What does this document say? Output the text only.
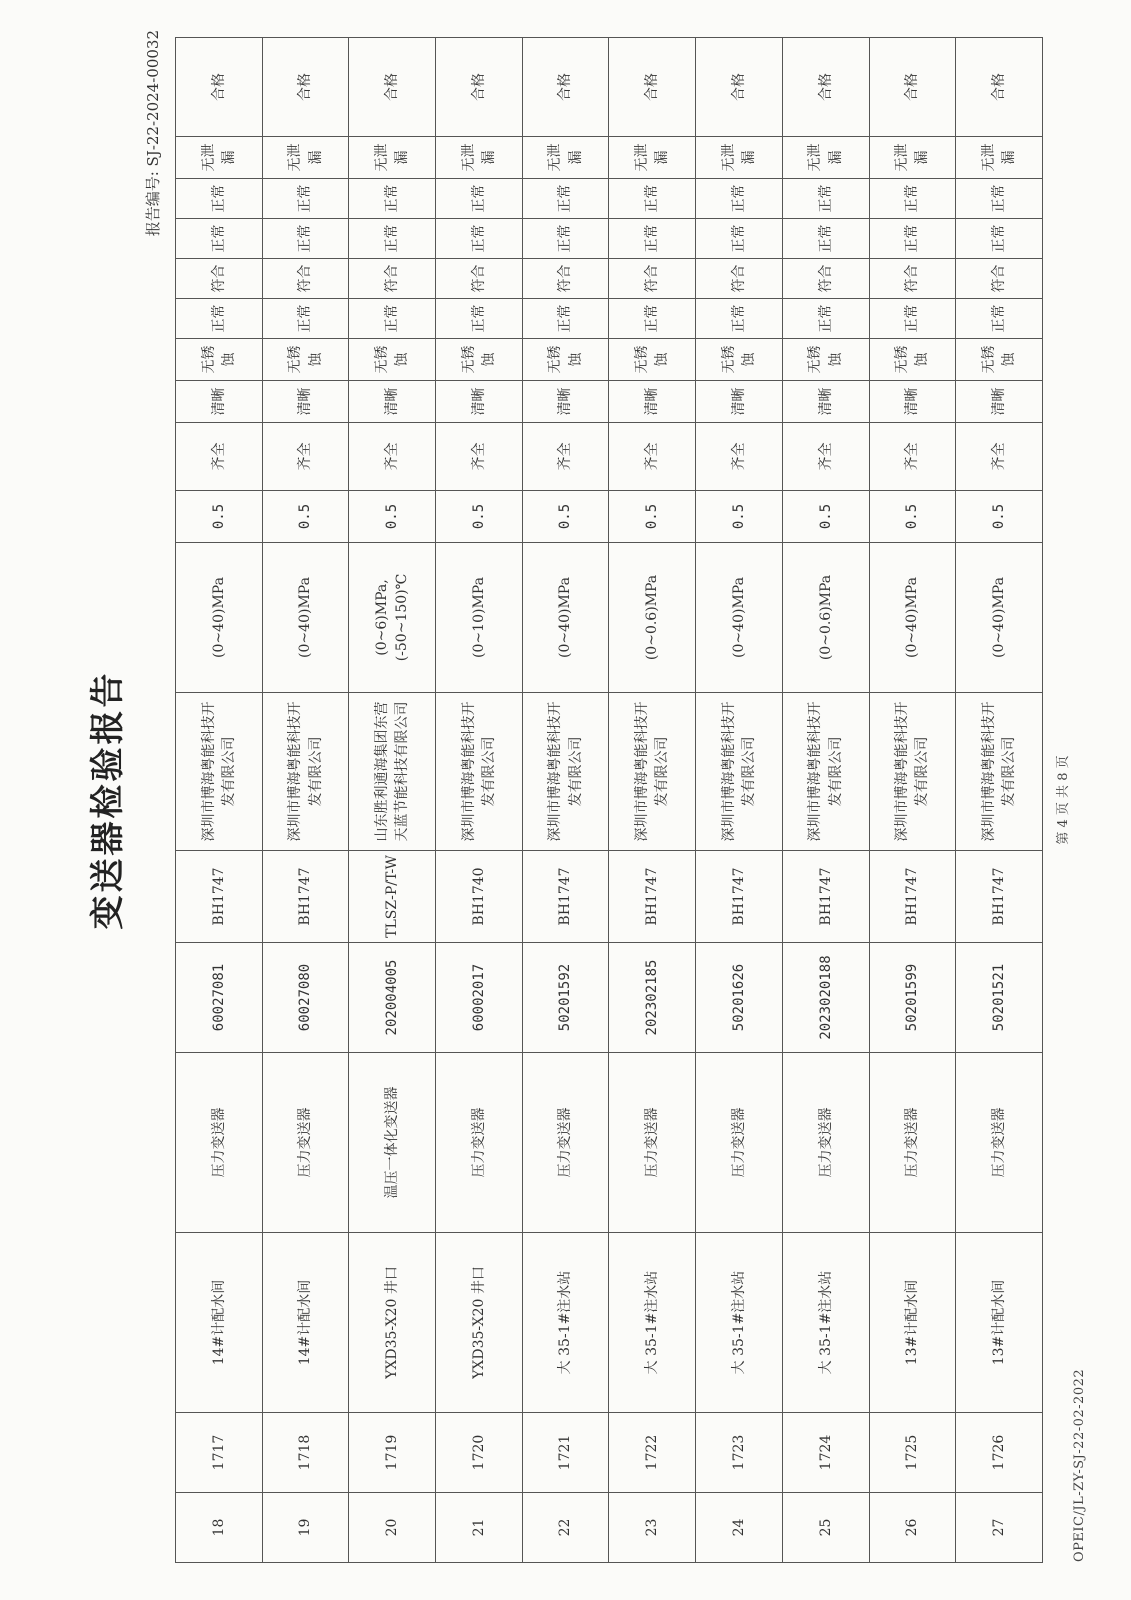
OPEIC/JL-ZY-SJ-22-02-2022
变送器检验报告
报告编号: SJ-22-2024-00032
18	1717	14#计配水间	压力变送器	60027081	BH1747	深圳市博海粤能科技开发有限公司	(0~40)MPa	0.5	齐全	清晰	无锈蚀	正常	符合	正常	正常	无泄漏	合格
19	1718	14#计配水间	压力变送器	60027080	BH1747	深圳市博海粤能科技开发有限公司	(0~40)MPa	0.5	齐全	清晰	无锈蚀	正常	符合	正常	正常	无泄漏	合格
20	1719	YXD35-X20 井口	温压一体化变送器	202004005	TLSZ-P/T-W	山东胜利通海集团东营天蓝节能科技有限公司	(0~6)MPa, (-50~150)℃	0.5	齐全	清晰	无锈蚀	正常	符合	正常	正常	无泄漏	合格
21	1720	YXD35-X20 井口	压力变送器	60002017	BH1740	深圳市博海粤能科技开发有限公司	(0~10)MPa	0.5	齐全	清晰	无锈蚀	正常	符合	正常	正常	无泄漏	合格
22	1721	大 35-1#注水站	压力变送器	50201592	BH1747	深圳市博海粤能科技开发有限公司	(0~40)MPa	0.5	齐全	清晰	无锈蚀	正常	符合	正常	正常	无泄漏	合格
23	1722	大 35-1#注水站	压力变送器	202302185	BH1747	深圳市博海粤能科技开发有限公司	(0~0.6)MPa	0.5	齐全	清晰	无锈蚀	正常	符合	正常	正常	无泄漏	合格
24	1723	大 35-1#注水站	压力变送器	50201626	BH1747	深圳市博海粤能科技开发有限公司	(0~40)MPa	0.5	齐全	清晰	无锈蚀	正常	符合	正常	正常	无泄漏	合格
25	1724	大 35-1#注水站	压力变送器	2023020188	BH1747	深圳市博海粤能科技开发有限公司	(0~0.6)MPa	0.5	齐全	清晰	无锈蚀	正常	符合	正常	正常	无泄漏	合格
26	1725	13#计配水间	压力变送器	50201599	BH1747	深圳市博海粤能科技开发有限公司	(0~40)MPa	0.5	齐全	清晰	无锈蚀	正常	符合	正常	正常	无泄漏	合格
27	1726	13#计配水间	压力变送器	50201521	BH1747	深圳市博海粤能科技开发有限公司	(0~40)MPa	0.5	齐全	清晰	无锈蚀	正常	符合	正常	正常	无泄漏	合格
第 4 页 共 8 页
